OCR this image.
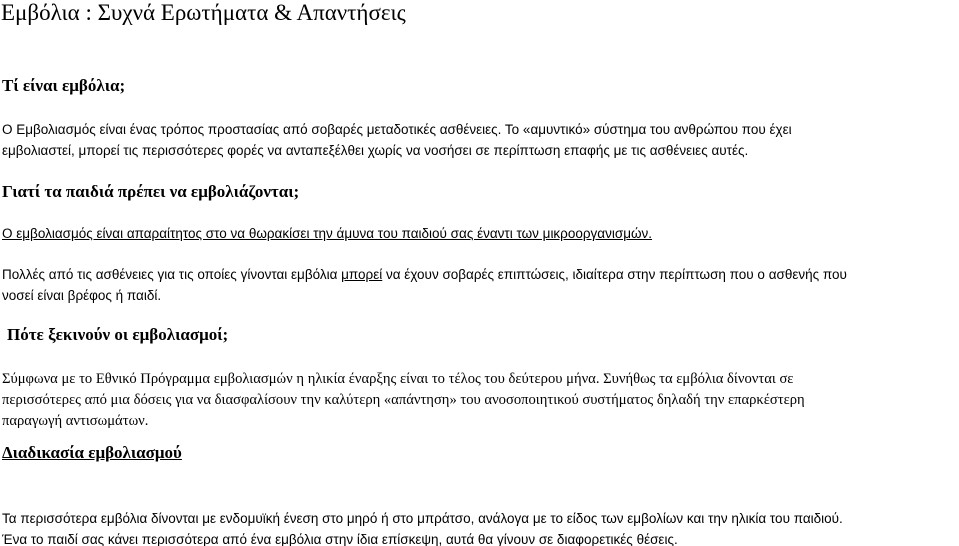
Εμβόλια : Συχνά Ερωτήματα & Απαντήσεις
Τί είναι εμβόλια;
Ο Εμβολιασμός είναι ένας τρόπος προστασίας από σοβαρές μεταδοτικές ασθένειες. Το «αμυντικό» σύστημα του ανθρώπου που έχει
εμβολιαστεί, μπορεί τις περισσότερες φορές να ανταπεξέλθει χωρίς να νοσήσει σε περίπτωση επαφής με τις ασθένειες αυτές.
Γιατί τα παιδιά πρέπει να εμβολιάζονται;
Ο εμβολιασμός είναι απαραίτητος στο να θωρακίσει την άμυνα του παιδιού σας έναντι των μικροοργανισμών.
Πολλές από τις ασθένειες για τις οποίες γίνονται εμβόλια μπορεί να έχουν σοβαρές επιπτώσεις, ιδιαίτερα στην περίπτωση που ο ασθενής που
νοσεί είναι βρέφος ή παιδί.
Πότε ξεκινούν οι εμβολιασμοί;
Σύμφωνα με το Εθνικό Πρόγραμμα εμβολιασμών η ηλικία έναρξης είναι το τέλος του δεύτερου μήνα. Συνήθως τα εμβόλια δίνονται σε
περισσότερες από μια δόσεις για να διασφαλίσουν την καλύτερη «απάντηση» του ανοσοποιητικού συστήματος δηλαδή την επαρκέστερη
παραγωγή αντισωμάτων.
Διαδικασία εμβολιασμού
Τα περισσότερα εμβόλια δίνονται με ενδομυϊκή ένεση στο μηρό ή στο μπράτσο, ανάλογα με το είδος των εμβολίων και την ηλικία του παιδιού.
Ένα το παιδί σας κάνει περισσότερα από ένα εμβόλια στην ίδια επίσκεψη, αυτά θα γίνουν σε διαφορετικές θέσεις.
